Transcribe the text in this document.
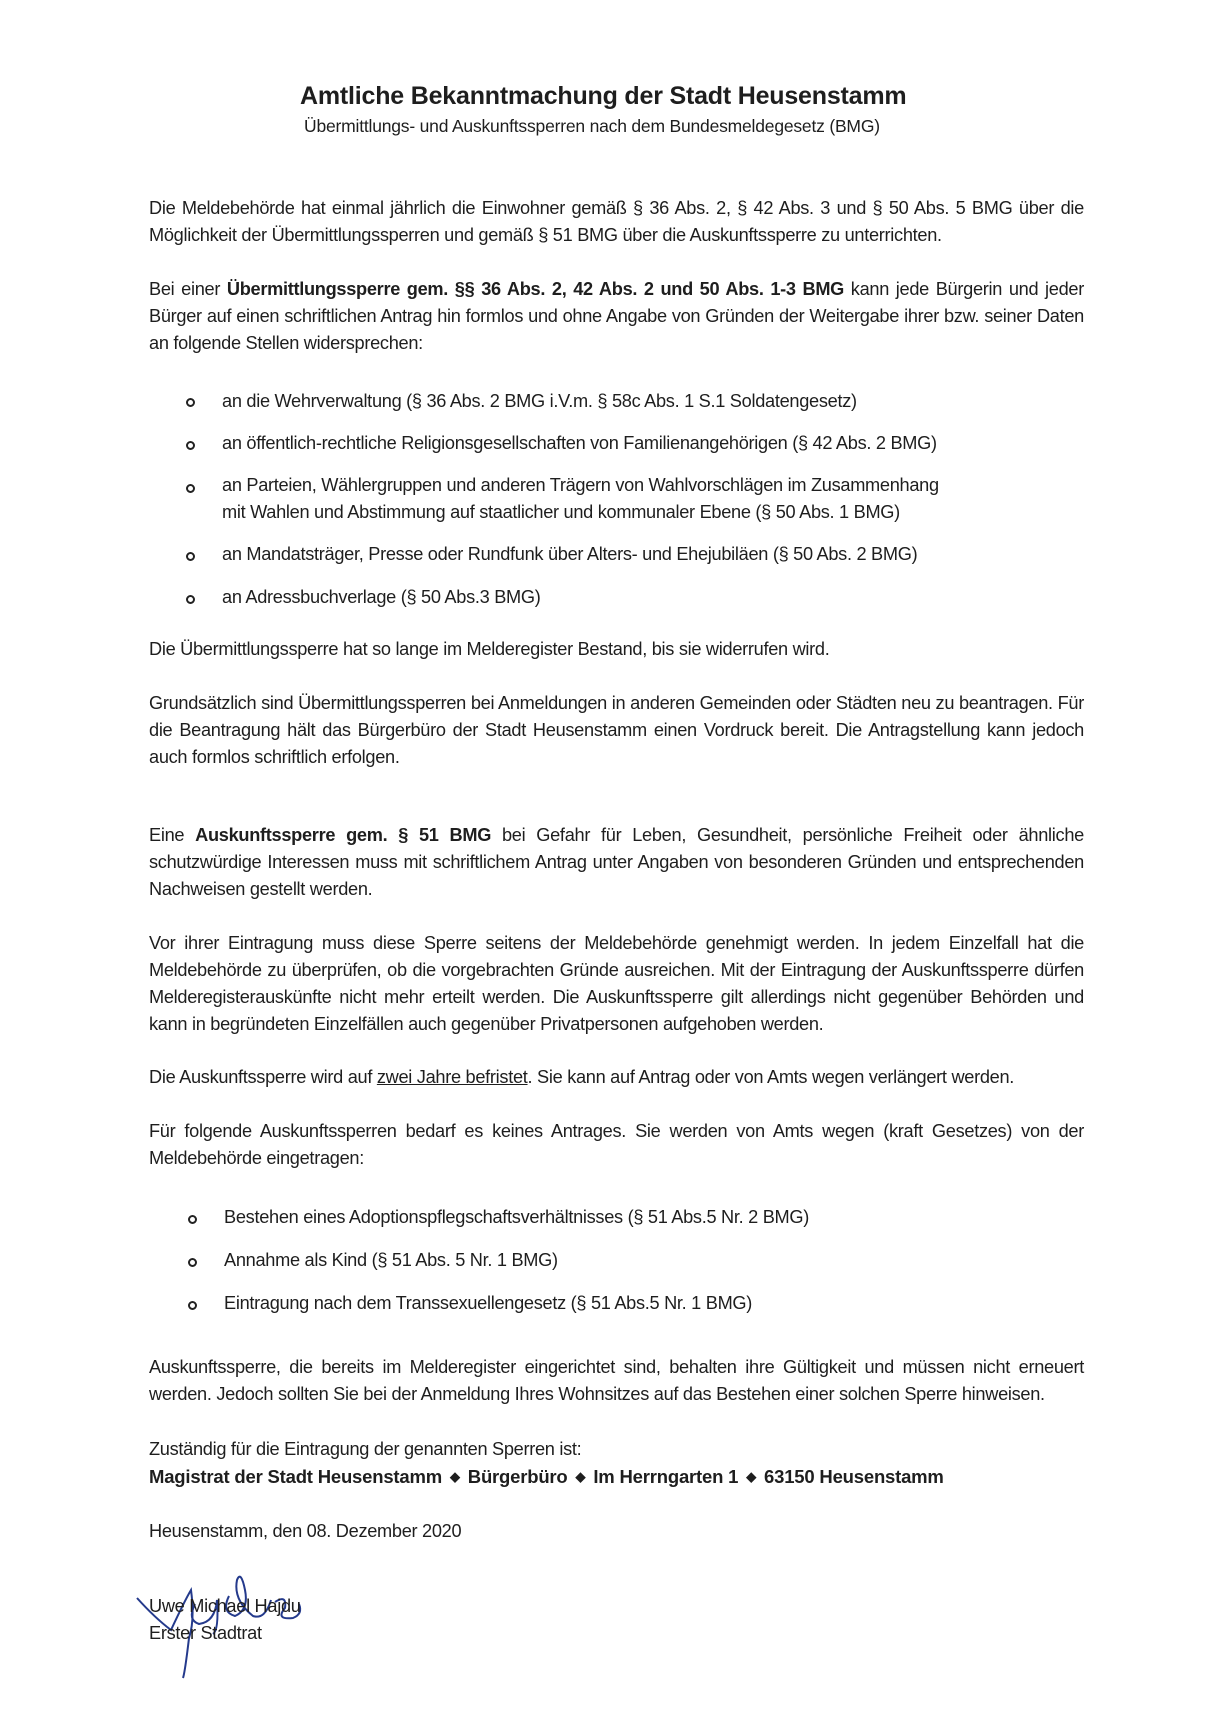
Amtliche Bekanntmachung der Stadt Heusenstamm
Übermittlungs- und Auskunftssperren nach dem Bundesmeldegesetz (BMG)
Die Meldebehörde hat einmal jährlich die Einwohner gemäß § 36 Abs. 2, § 42 Abs. 3 und § 50 Abs. 5 BMG über die Möglichkeit der Übermittlungssperren und gemäß § 51 BMG über die Auskunftssperre zu unterrichten.
Bei einer Übermittlungssperre gem. §§ 36 Abs. 2, 42 Abs. 2 und 50 Abs. 1-3 BMG kann jede Bürgerin und jeder Bürger auf einen schriftlichen Antrag hin formlos und ohne Angabe von Gründen der Weitergabe ihrer bzw. seiner Daten an folgende Stellen widersprechen:
an die Wehrverwaltung (§ 36 Abs. 2 BMG i.V.m. § 58c Abs. 1 S.1 Soldatengesetz)
an öffentlich-rechtliche Religionsgesellschaften von Familienangehörigen (§ 42 Abs. 2 BMG)
an Parteien, Wählergruppen und anderen Trägern von Wahlvorschlägen im Zusammenhang
mit Wahlen und Abstimmung auf staatlicher und kommunaler Ebene (§ 50 Abs. 1 BMG)
an Mandatsträger, Presse oder Rundfunk über Alters- und Ehejubiläen (§ 50 Abs. 2 BMG)
an Adressbuchverlage (§ 50 Abs.3 BMG)
Die Übermittlungssperre hat so lange im Melderegister Bestand, bis sie widerrufen wird.
Grundsätzlich sind Übermittlungssperren bei Anmeldungen in anderen Gemeinden oder Städten neu zu beantragen. Für die Beantragung hält das Bürgerbüro der Stadt Heusenstamm einen Vordruck bereit. Die Antragstellung kann jedoch auch formlos schriftlich erfolgen.
Eine Auskunftssperre gem. § 51 BMG bei Gefahr für Leben, Gesundheit, persönliche Freiheit oder ähnliche schutzwürdige Interessen muss mit schriftlichem Antrag unter Angaben von besonderen Gründen und entsprechenden Nachweisen gestellt werden.
Vor ihrer Eintragung muss diese Sperre seitens der Meldebehörde genehmigt werden. In jedem Einzelfall hat die Meldebehörde zu überprüfen, ob die vorgebrachten Gründe ausreichen. Mit der Eintragung der Auskunftssperre dürfen Melderegisterauskünfte nicht mehr erteilt werden. Die Auskunftssperre gilt allerdings nicht gegenüber Behörden und kann in begründeten Einzelfällen auch gegenüber Privatpersonen aufgehoben werden.
Die Auskunftssperre wird auf zwei Jahre befristet. Sie kann auf Antrag oder von Amts wegen verlängert werden.
Für folgende Auskunftssperren bedarf es keines Antrages. Sie werden von Amts wegen (kraft Gesetzes) von der Meldebehörde eingetragen:
Bestehen eines Adoptionspflegschaftsverhältnisses (§ 51 Abs.5 Nr. 2 BMG)
Annahme als Kind (§ 51 Abs. 5 Nr. 1 BMG)
Eintragung nach dem Transsexuellengesetz (§ 51 Abs.5 Nr. 1 BMG)
Auskunftssperre, die bereits im Melderegister eingerichtet sind, behalten ihre Gültigkeit und müssen nicht erneuert werden. Jedoch sollten Sie bei der Anmeldung Ihres Wohnsitzes auf das Bestehen einer solchen Sperre hinweisen.
Zuständig für die Eintragung der genannten Sperren ist:
Magistrat der Stadt Heusenstamm ◆ Bürgerbüro ◆ Im Herrngarten 1 ◆ 63150 Heusenstamm
Heusenstamm, den 08. Dezember 2020
Uwe Michael Hajdu
Erster Stadtrat
